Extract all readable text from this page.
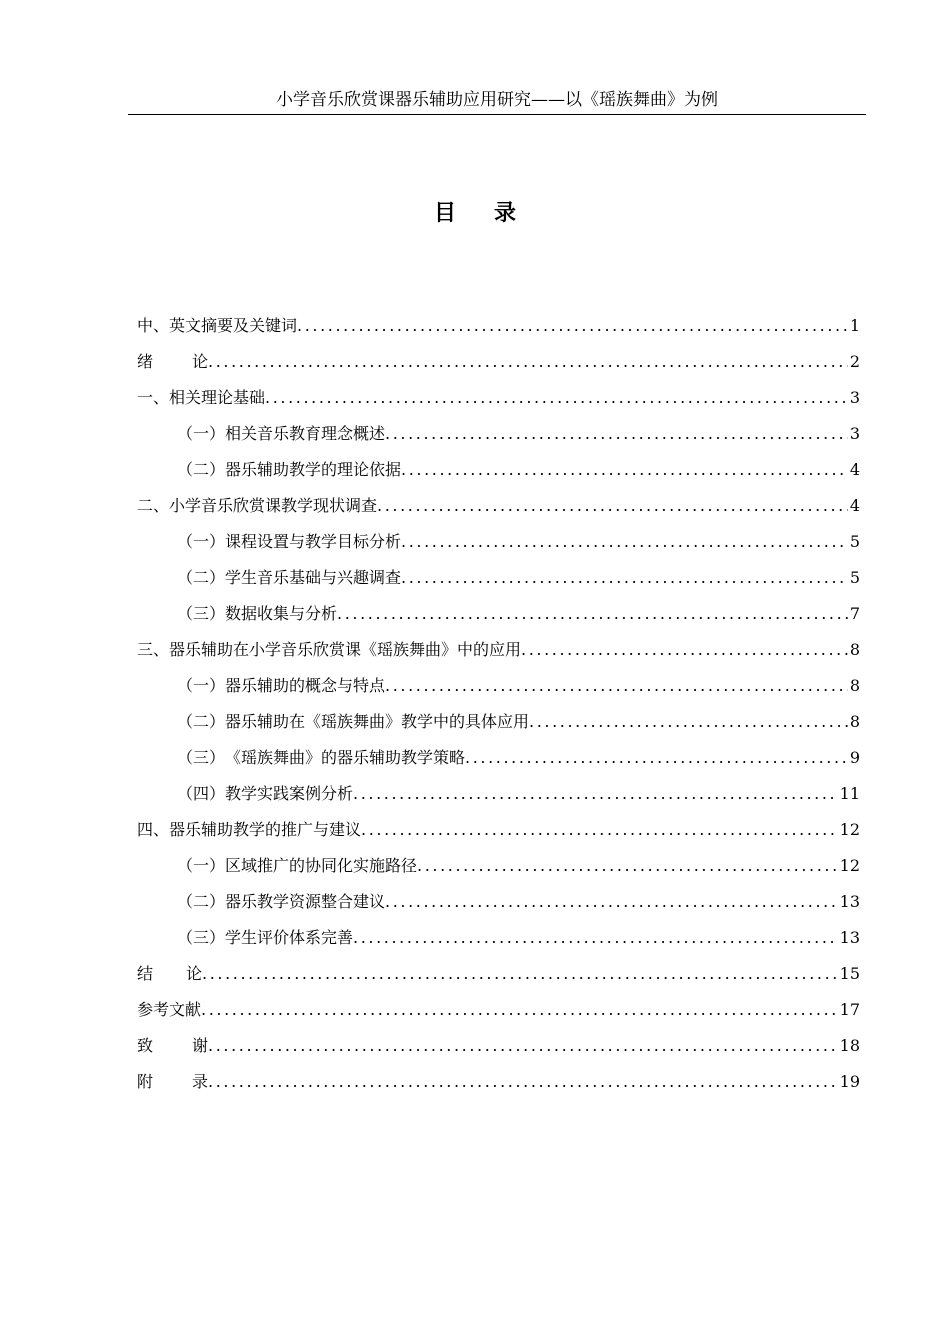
小学音乐欣赏课器乐辅助应用研究——以《瑶族舞曲》为例
目录
中、英文摘要及关键词 .....	1
绪论 .....	2
一、 相关理论基础 .....	3
（一） 相关音乐教育理念概述 .....	3
（二） 器乐辅助教学的理论依据 .....	4
二、 小学音乐欣赏课教学现状调查 .....	4
（一） 课程设置与教学目标分析 .....	5
（二） 学生音乐基础与兴趣调查 .....	5
（三） 数据收集与分析 .....	7
三、 器乐辅助在小学音乐欣赏课《瑶族舞曲》中的应用 .....	8
（一） 器乐辅助的概念与特点 .....	8
（二） 器乐辅助在《瑶族舞曲》教学中的具体应用 .....	8
（三） 《瑶族舞曲》的器乐辅助教学策略 .....	9
（四） 教学实践案例分析 .....	11
四、 器乐辅助教学的推广与建议 .....	12
（一） 区域推广的协同化实施路径 .....	12
（二） 器乐教学资源整合建议 .....	13
（三） 学生评价体系完善 .....	13
结论 .....	15
参考文献 .....	17
致谢 .....	18
附录 .....	19
